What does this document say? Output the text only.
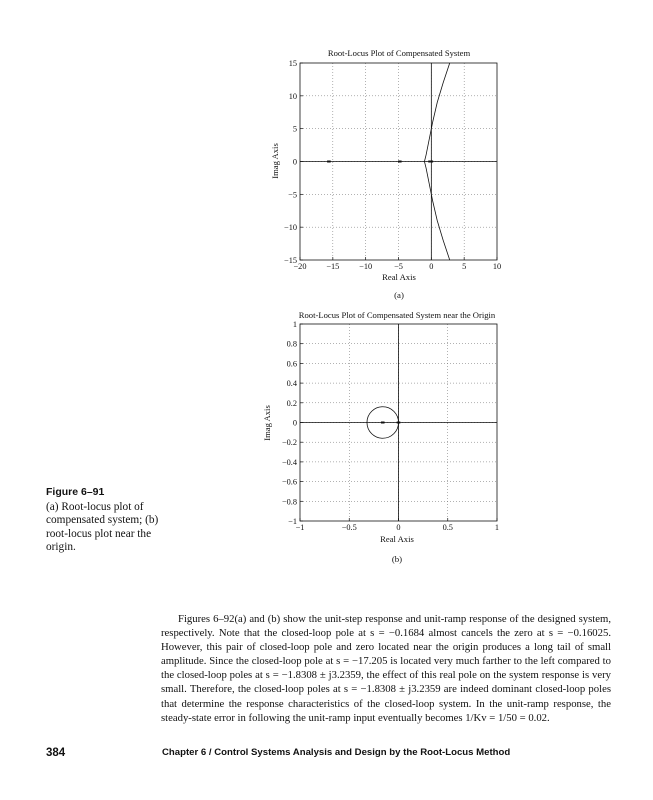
Root-Locus Plot of Compensated System
−20 −15 −10	−5	0	5	10
15
10
5
0
−5
−10
−15
Real Axis
Imag Axis
(a)
Root-Locus Plot of Compensated System near the Origin
−1	−0.5	0	0.5	1
1
0.8
0.6
0.4
0.2
0
−0.2
−0.4
−0.6
−0.8
−1
Real Axis
Imag Axis
(b)
Figure 6–91
(a) Root-locus plot of compensated system; (b) root-locus plot near the origin.

Figures 6–92(a) and (b) show the unit-step response and unit-ramp response of the designed system, respectively. Note that the closed-loop pole at s = −0.1684 almost cancels the zero at s = −0.16025. However, this pair of closed-loop pole and zero located near the origin produces a long tail of small amplitude. Since the closed-loop pole at s = −17.205 is located very much farther to the left compared to the closed-loop poles at s = −1.8308 ± j3.2359, the effect of this real pole on the system response is very small. Therefore, the closed-loop poles at s = −1.8308 ± j3.2359 are indeed dominant closed-loop poles that determine the response characteristics of the closed-loop system. In the unit-ramp response, the steady-state error in following the unit-ramp input eventually becomes 1/Kv = 1/50 = 0.02.

384	Chapter 6 / Control Systems Analysis and Design by the Root-Locus Method
